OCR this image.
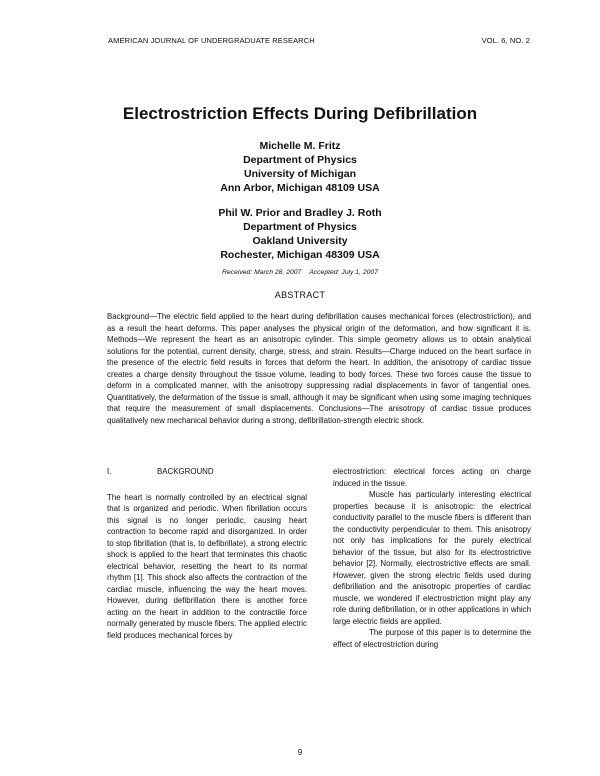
AMERICAN JOURNAL OF UNDERGRADUATE RESEARCH	VOL. 6, NO. 2
Electrostriction Effects During Defibrillation
Michelle M. Fritz
Department of Physics
University of Michigan
Ann Arbor, Michigan 48109 USA
Phil W. Prior and Bradley J. Roth
Department of Physics
Oakland University
Rochester, Michigan 48309 USA
Received: March 28, 2007 Accepted: July 1, 2007
ABSTRACT

Background—The electric field applied to the heart during defibrillation causes mechanical forces (electrostriction), and as a result the heart deforms. This paper analyses the physical origin of the deformation, and how significant it is. Methods—We represent the heart as an anisotropic cylinder. This simple geometry allows us to obtain analytical solutions for the potential, current density, charge, stress, and strain. Results—Charge induced on the heart surface in the presence of the electric field results in forces that deform the heart. In addition, the anisotropy of cardiac tissue creates a charge density throughout the tissue volume, leading to body forces. These two forces cause the tissue to deform in a complicated manner, with the anisotropy suppressing radial displacements in favor of tangential ones. Quantitatively, the deformation of the tissue is small, although it may be significant when using some imaging techniques that require the measurement of small displacements. Conclusions—The anisotropy of cardiac tissue produces qualitatively new mechanical behavior during a strong, defibrillation-strength electric shock.

I.	BACKGROUND

The heart is normally controlled by an electrical signal that is organized and periodic. When fibrillation occurs this signal is no longer periodic, causing heart contraction to become rapid and disorganized. In order to stop fibrillation (that is, to defibrillate), a strong electric shock is applied to the heart that terminates this chaotic electrical behavior, resetting the heart to its normal rhythm [1]. This shock also affects the contraction of the cardiac muscle, influencing the way the heart moves. However, during defibrillation there is another force acting on the heart in addition to the contractile force normally generated by muscle fibers. The applied electric field produces mechanical forces by

electrostriction: electrical forces acting on charge induced in the tissue.

Muscle has particularly interesting electrical properties because it is anisotropic: the electrical conductivity parallel to the muscle fibers is different than the conductivity perpendicular to them. This anisotropy not only has implications for the purely electrical behavior of the tissue, but also for its electrostrictive behavior [2]. Normally, electrostrictive effects are small. However, given the strong electric fields used during defibrillation and the anisotropic properties of cardiac muscle, we wondered if electrostriction might play any role during defibrillation, or in other applications in which large electric fields are applied.

The purpose of this paper is to determine the effect of electrostriction during

9
